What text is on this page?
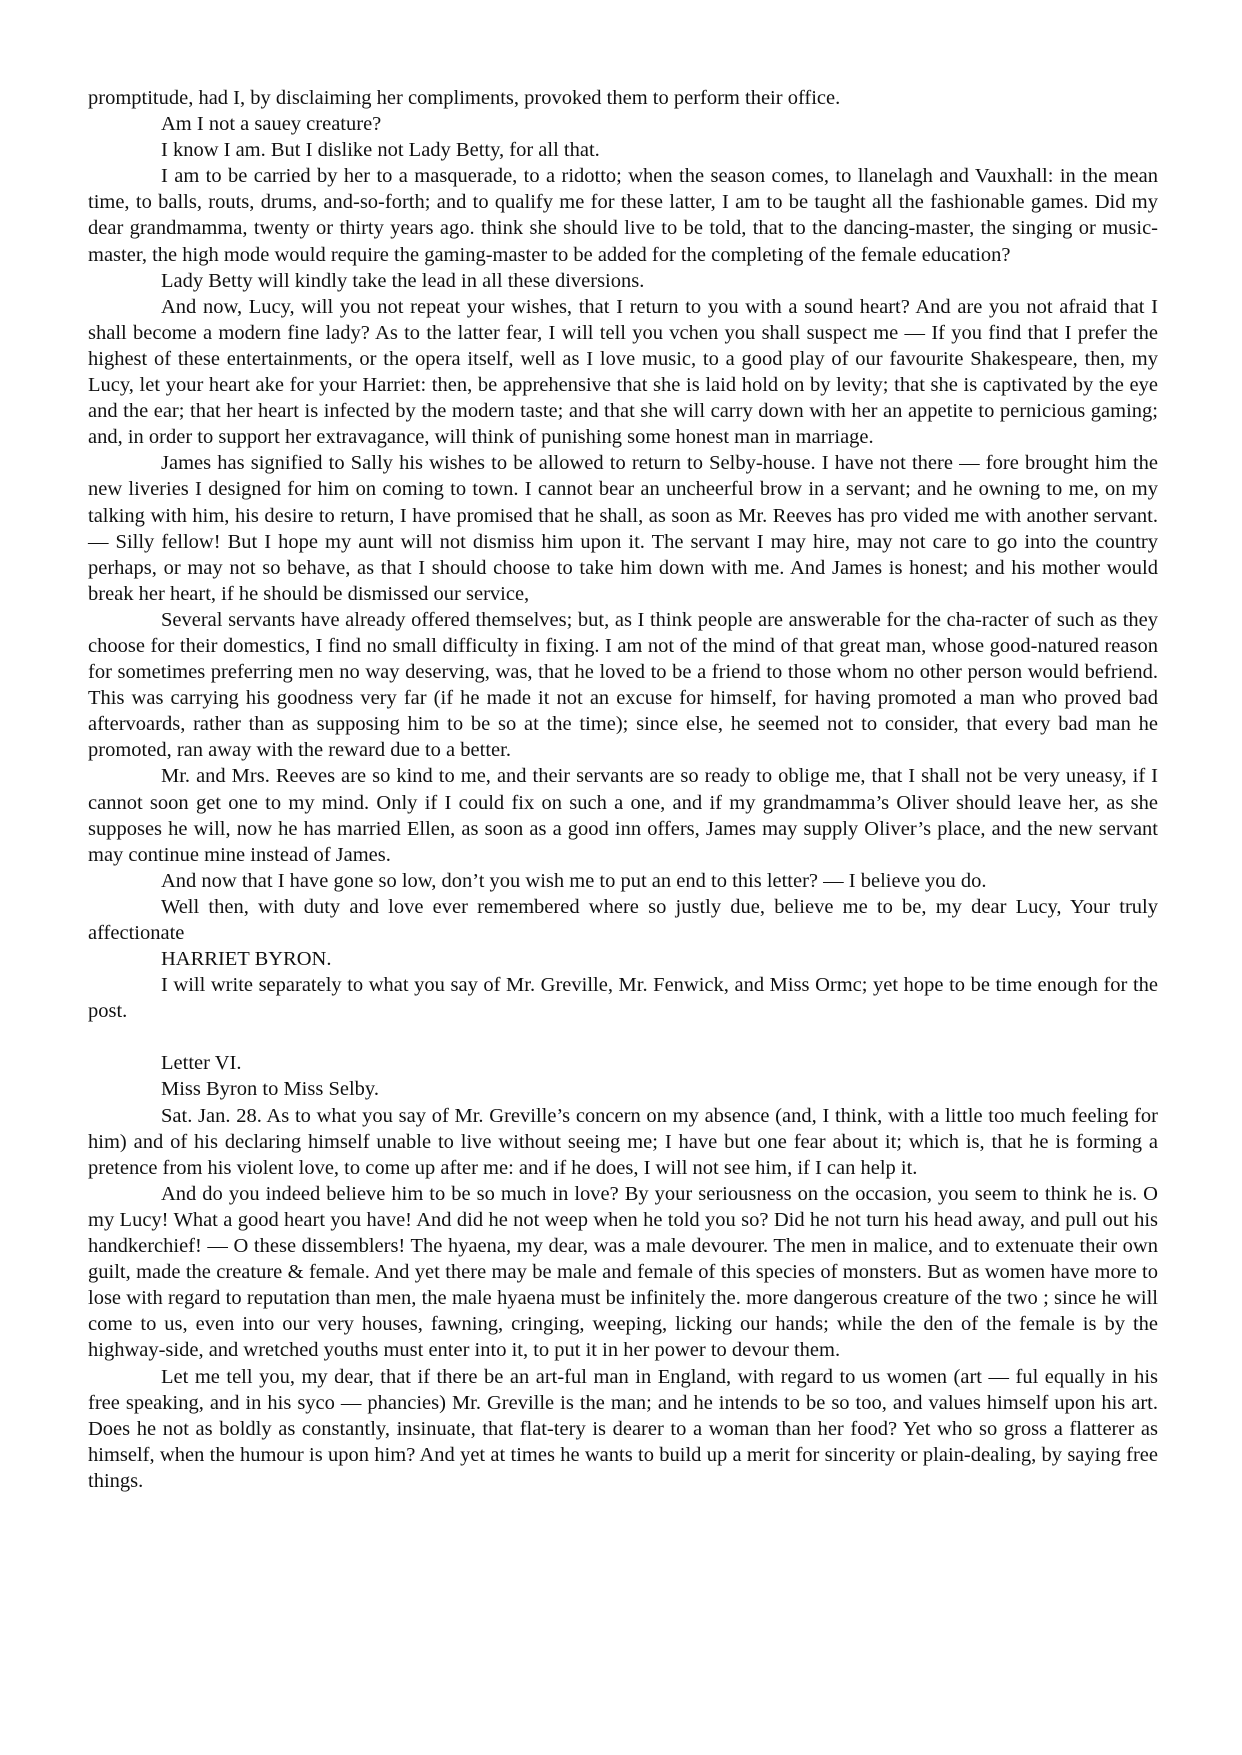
promptitude, had I, by disclaiming her compliments, provoked them to perform their office.

Am I not a sauey creature?

I know I am. But I dislike not Lady Betty, for all that.

I am to be carried by her to a masquerade, to a ridotto; when the season comes, to llanelagh and Vauxhall: in the mean time, to balls, routs, drums, and-so-forth; and to qualify me for these latter, I am to be taught all the fashionable games. Did my dear grandmamma, twenty or thirty years ago. think she should live to be told, that to the dancing-master, the singing or music-master, the high mode would require the gaming-master to be added for the completing of the female education?

Lady Betty will kindly take the lead in all these diversions.

And now, Lucy, will you not repeat your wishes, that I return to you with a sound heart? And are you not afraid that I shall become a modern fine lady? As to the latter fear, I will tell you vchen you shall suspect me — If you find that I prefer the highest of these entertainments, or the opera itself, well as I love music, to a good play of our favourite Shakespeare, then, my Lucy, let your heart ake for your Harriet: then, be apprehensive that she is laid hold on by levity; that she is captivated by the eye and the ear; that her heart is infected by the modern taste; and that she will carry down with her an appetite to pernicious gaming; and, in order to support her extravagance, will think of punishing some honest man in marriage.

James has signified to Sally his wishes to be allowed to return to Selby-house. I have not there — fore brought him the new liveries I designed for him on coming to town. I cannot bear an uncheerful brow in a servant; and he owning to me, on my talking with him, his desire to return, I have promised that he shall, as soon as Mr. Reeves has pro vided me with another servant. — Silly fellow! But I hope my aunt will not dismiss him upon it. The servant I may hire, may not care to go into the country perhaps, or may not so behave, as that I should choose to take him down with me. And James is honest; and his mother would break her heart, if he should be dismissed our service,

Several servants have already offered themselves; but, as I think people are answerable for the cha-racter of such as they choose for their domestics, I find no small difficulty in fixing. I am not of the mind of that great man, whose good-natured reason for sometimes preferring men no way deserving, was, that he loved to be a friend to those whom no other person would befriend. This was carrying his goodness very far (if he made it not an excuse for himself, for having promoted a man who proved bad aftervoards, rather than as supposing him to be so at the time); since else, he seemed not to consider, that every bad man he promoted, ran away with the reward due to a better.

Mr. and Mrs. Reeves are so kind to me, and their servants are so ready to oblige me, that I shall not be very uneasy, if I cannot soon get one to my mind. Only if I could fix on such a one, and if my grandmamma’s Oliver should leave her, as she supposes he will, now he has married Ellen, as soon as a good inn offers, James may supply Oliver’s place, and the new servant may continue mine instead of James.

And now that I have gone so low, don’t you wish me to put an end to this letter? — I believe you do.

Well then, with duty and love ever remembered where so justly due, believe me to be, my dear Lucy, Your truly affectionate

HARRIET BYRON.

I will write separately to what you say of Mr. Greville, Mr. Fenwick, and Miss Ormc; yet hope to be time enough for the post.

Letter VI.

Miss Byron to Miss Selby.

Sat. Jan. 28. As to what you say of Mr. Greville’s concern on my absence (and, I think, with a little too much feeling for him) and of his declaring himself unable to live without seeing me; I have but one fear about it; which is, that he is forming a pretence from his violent love, to come up after me: and if he does, I will not see him, if I can help it.

And do you indeed believe him to be so much in love? By your seriousness on the occasion, you seem to think he is. O my Lucy! What a good heart you have! And did he not weep when he told you so? Did he not turn his head away, and pull out his handkerchief! — O these dissemblers! The hyaena, my dear, was a male devourer. The men in malice, and to extenuate their own guilt, made the creature & female. And yet there may be male and female of this species of monsters. But as women have more to lose with regard to reputation than men, the male hyaena must be infinitely the. more dangerous creature of the two ; since he will come to us, even into our very houses, fawning, cringing, weeping, licking our hands; while the den of the female is by the highway-side, and wretched youths must enter into it, to put it in her power to devour them.

Let me tell you, my dear, that if there be an art-ful man in England, with regard to us women (art — ful equally in his free speaking, and in his syco — phancies) Mr. Greville is the man; and he intends to be so too, and values himself upon his art. Does he not as boldly as constantly, insinuate, that flat-tery is dearer to a woman than her food? Yet who so gross a flatterer as himself, when the humour is upon him? And yet at times he wants to build up a merit for sincerity or plain-dealing, by saying free things.
